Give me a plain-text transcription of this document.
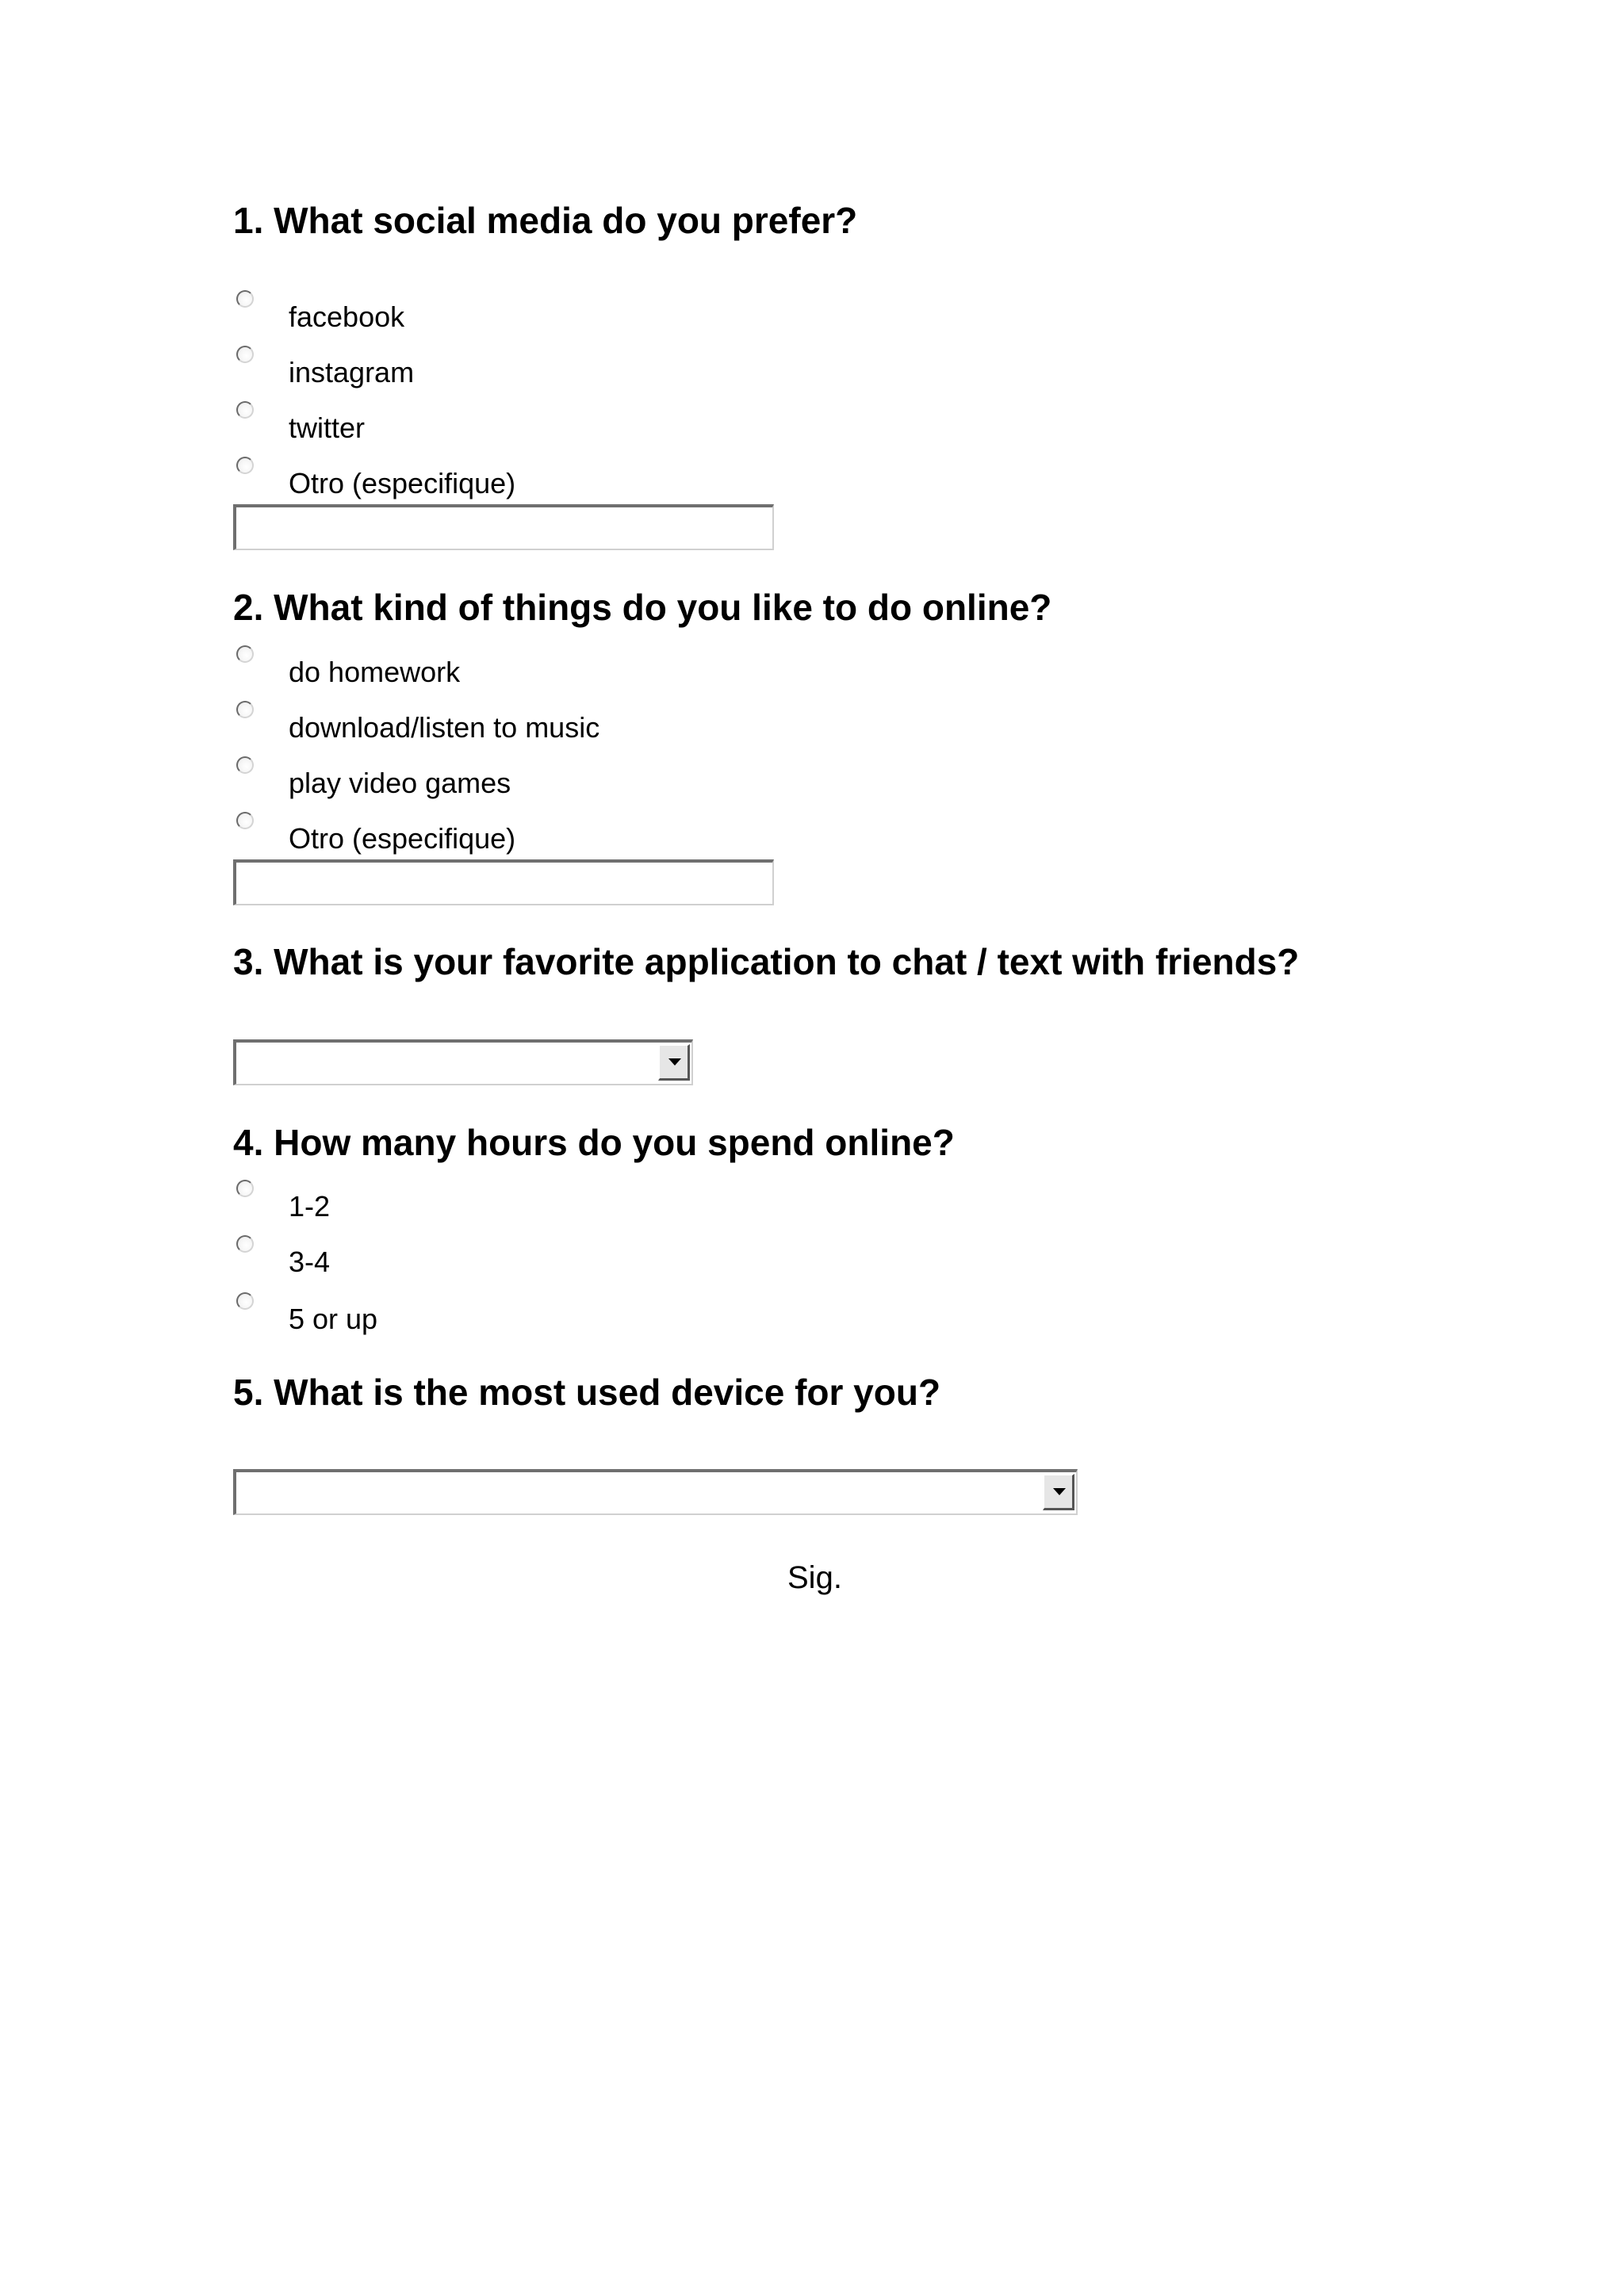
1. What social media do you prefer?
facebook
instagram
twitter
Otro (especifique)
2. What kind of things do you like to do online?
do homework
download/listen to music
play video games
Otro (especifique)
3. What is your favorite application to chat / text with friends?
4. How many hours do you spend online?
1-2
3-4
5 or up
5. What is the most used device for you?
Sig.
